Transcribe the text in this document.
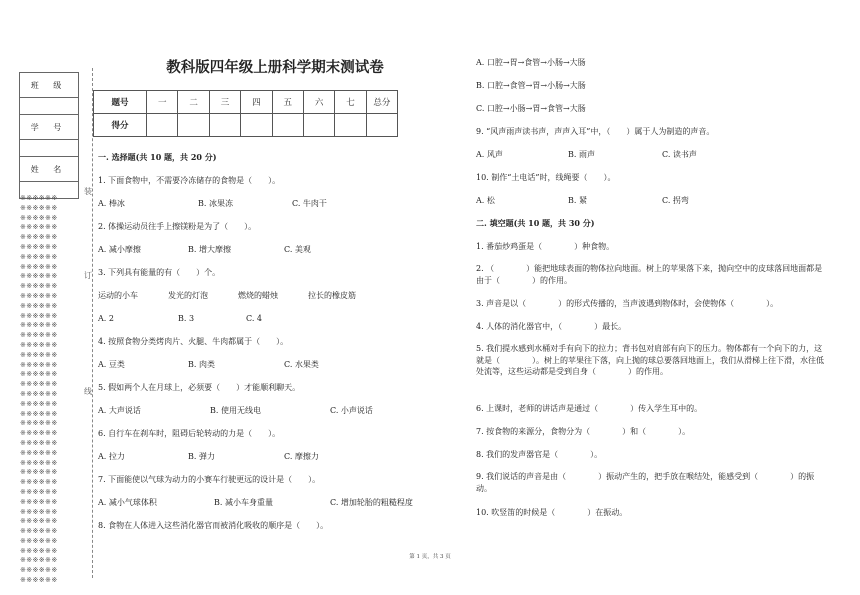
班 级

学 号

姓 名

※※※※※※
※※※※※※
※※※※※※
※※※※※※
※※※※※※
※※※※※※
※※※※※※
※※※※※※
※※※※※※
※※※※※※
※※※※※※
※※※※※※
※※※※※※
※※※※※※
※※※※※※
※※※※※※
※※※※※※
※※※※※※
※※※※※※
※※※※※※
※※※※※※
※※※※※※
※※※※※※
※※※※※※
※※※※※※
※※※※※※
※※※※※※
※※※※※※
※※※※※※
※※※※※※
※※※※※※
※※※※※※
※※※※※※
※※※※※※
※※※※※※
※※※※※※
※※※※※※
※※※※※※
※※※※※※
※※※※※※
装
订
线
教科版四年级上册科学期末测试卷
题号	一	二	三	四	五	六	七	总分
得分								
一. 选择题(共 10 题，共 20 分)
1. 下面食物中，不需要冷冻储存的食物是（　　）。
A. 棒冰	B. 冰果冻	C. 牛肉干
2. 体操运动员往手上擦镁粉是为了（　　）。
A. 减小摩擦	B. 增大摩擦	C. 美观
3. 下列具有能量的有（　　）个。
运动的小车	发光的灯泡	燃烧的蜡烛	拉长的橡皮筋
A. 2	B. 3	C. 4
4. 按照食物分类烤肉片、火腿、牛肉都属于（　　）。
A. 豆类	B. 肉类	C. 水果类
5. 假如两个人在月球上，必须要（　　）才能顺利聊天。
A. 大声说话	B. 使用无线电	C. 小声说话
6. 自行车在刹车时，阻碍后轮转动的力是（　　）。
A. 拉力	B. 弹力	C. 摩擦力
7. 下面能使以气球为动力的小赛车行驶更远的设计是（　　）。
A. 减小气球体积	B. 减小车身重量	C. 增加轮胎的粗糙程度
8. 食物在人体进入这些消化器官而被消化吸收的顺序是（　　）。
A. 口腔→胃→食管→小肠→大肠
B. 口腔→食管→胃→小肠→大肠
C. 口腔→小肠→胃→食管→大肠
9. “风声雨声读书声，声声入耳”中，（　　）属于人为制造的声音。
A. 风声	B. 雨声	C. 读书声
10. 制作“土电话”时，线绳要（　　）。
A. 松	B. 紧	C. 拐弯
二. 填空题(共 10 题，共 30 分)
1. 番茄炒鸡蛋是（　　　　）种食物。
2. （　　　　）能把地球表面的物体拉向地面。树上的苹果落下来，抛向空中的皮球落回地面都是由于（　　　　）的作用。
3. 声音是以（　　　　）的形式传播的，当声波遇到物体时，会使物体（　　　　）。
4. 人体的消化器官中，（　　　　）最长。
5. 我们提水感到水桶对手有向下的拉力；背书包对肩部有向下的压力。物体都有一个向下的力，这就是（　　　　）。树上的苹果往下落，向上抛的球总要落回地面上，我们从滑梯上往下滑，水往低处流等，这些运动都是受到自身（　　　　）的作用。
6. 上课时，老师的讲话声是通过（　　　　）传入学生耳中的。
7. 按食物的来源分，食物分为（　　　　）和（　　　　）。
8. 我们的发声器官是（　　　　）。
9. 我们说话的声音是由（　　　　）振动产生的，把手放在喉结处，能感受到（　　　　）的振动。
10. 吹竖笛的时候是（　　　　）在振动。
第 1 页，共 3 页
